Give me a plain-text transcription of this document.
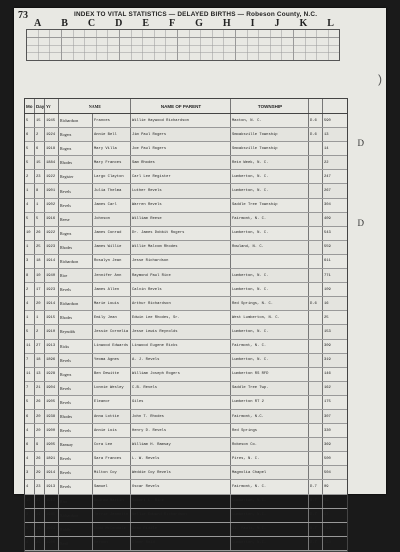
73	INDEX TO VITAL STATISTICS — DELAYED BIRTHS — Robeson County, N.C.
A B C D E F G H I J K L
)
D
D
Mo Day Yr	NAME	NAME OF PARENT	TOWNSHIP
5	15	1945	Richardson	Frances	Willie Haywood Richardson	Maxton, N. C.	D-6	590
6	2	1924	Rogers	Annie Bell	Jim Paul Rogers	Smoaksville Township	D-6	13
5	6	1918	Rogers	Mary Villa	Joe Paul Rogers	Smoaksville Township	14
5	15	1884	Rhodes	Mary Frances	Sam Rhodes	Rein Week, N. C.	22
2	23	1922	Register	Largo Clayton	Carl Lee Register	Lumberton, N. C.	247
1	8	1901	Revels	Julia Thelma	Luther Revels	Lumberton, N. C.	267
4	1	1902	Revels	James Carl	Warren Revels	Saddle Tree Township	304
5	5	1916	Reese	Johnson	William Reese	Fairmont, N. C.	409
10	26	1922	Rogers	James Conrad	Dr. James Dobbit Rogers	Lumberton, N. C.	543
1	25	1923	Rhodes	James Willie	Willie Malcom Rhodes	Rowland, N. C.	559
3	18	1914	Richardson	Rosalyn Jean	Jesse Richardson	611
8	10	1940	Rice	Jennifer Ann	Raymond Paul Rice	Lumberton, N. C.	771
2	17	1923	Revels	James Allen	Calvin Revels	Lumberton, N. C.	109
4	20	1914	Richardson	Marie Louis	Arthur Richardson	Red Springs, N. C.	D-6	16
1	1	1915	Rhodes	Emily Jean	Edwin Lee Rhodes, Sr.	West Lumberton, N. C.	25
5	2	1910	Reynolds	Jessie Cornelia	Jesse Lewis Reynolds	Lumberton, N. C.	153
11	27	1913	Ricks	Linwood Edwards	Linwood Eugene Ricks	Fairmont, N. C.	309
7	18	1896	Revels	Yeoma Agnes	A. J. Revels	Lumberton, N. C.	319
11	13	1928	Rogers	Ben Dewitte	William Joseph Rogers	Lumberton RS RFD	146
7	21	1904	Revels	Lonnie Wesley	C.B. Revels	Saddle Tree Twp.	162
5	26	1905	Revels	Eleanor	Giles	Lumberton RT 2	175
6	20	1938	Rhodes	Anna Lottie	John T. Rhodes	Fairmont, N.C.	307
4	20	1900	Revels	Annie Lois	Henry D. Revels	Red Springs	330
6	9	1905	Ramsay	Cora Lee	William H. Ramsay	Robeson Co.	369
4	26	1891	Revels	Sara Frances	L. W. Revels	Pires, N. C.	500
3	29	1914	Revels	Milton Coy	Weddie Coy Revels	Magnolia Chapel	504
4	23	1913	Revels	Samuel	Oscar Revels	Fairmont, N. C.	D-7	09
10	27	1912	Rice	Andrew Martin	Robert L. Rice	Lumberton, N.C.	D-7	52
3	11	1945	Richardson	Terrie Jeanette	Nellie Edward Richardson	Lumberton, N.C.	D-7	97
5	31	1903	Riddle	Judd McCondale	Beau Riddle	St. Pauls, N.C.	D-7	718
6	26	1906	Reid	Vernon	Elmer Reid	Lumberton, N.C.	D-7	734
